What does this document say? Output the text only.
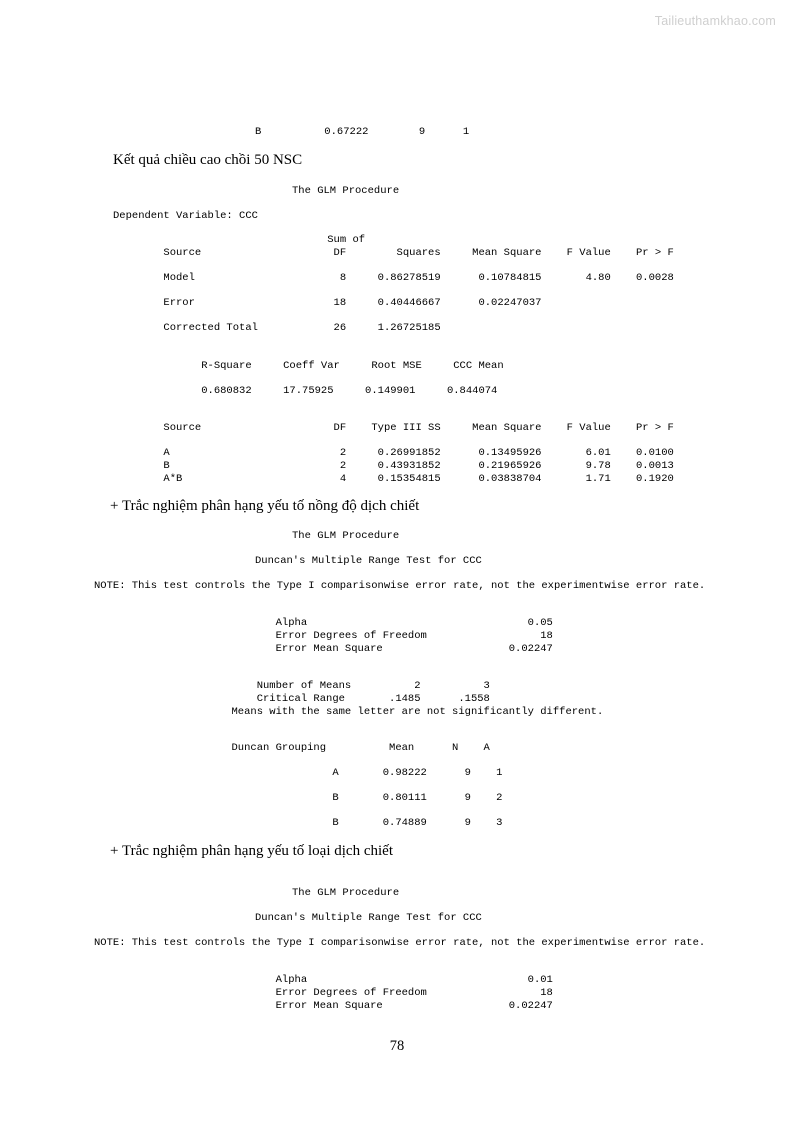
Tailieuthamkhao.com
B          0.67222        9      1
Kết quả chiều cao chồi 50 NSC
The GLM Procedure
Dependent Variable: CCC
Sum of
Source                     DF        Squares     Mean Square    F Value    Pr > F
Model                       8     0.86278519      0.10784815       4.80    0.0028
Error                      18     0.40446667      0.02247037
Corrected Total            26     1.26725185
R-Square     Coeff Var     Root MSE     CCC Mean
0.680832     17.75925     0.149901     0.844074
Source                     DF    Type III SS     Mean Square    F Value    Pr > F
A                           2     0.26991852      0.13495926       6.01    0.0100
B                           2     0.43931852      0.21965926       9.78    0.0013
A*B                         4     0.15354815      0.03838704       1.71    0.1920
+ Trắc nghiệm phân hạng yếu tố nồng độ dịch chiết
The GLM Procedure
Duncan's Multiple Range Test for CCC
NOTE: This test controls the Type I comparisonwise error rate, not the experimentwise error rate.
Alpha                                   0.05
Error Degrees of Freedom                  18
Error Mean Square                    0.02247
Number of Means          2          3
Critical Range       .1485      .1558
Means with the same letter are not significantly different.
Duncan Grouping          Mean      N    A
A       0.98222      9    1
B       0.80111      9    2
B       0.74889      9    3
+ Trắc nghiệm phân hạng yếu tố loại dịch chiết
The GLM Procedure
Duncan's Multiple Range Test for CCC
NOTE: This test controls the Type I comparisonwise error rate, not the experimentwise error rate.
Alpha                                   0.01
Error Degrees of Freedom                  18
Error Mean Square                    0.02247
78
